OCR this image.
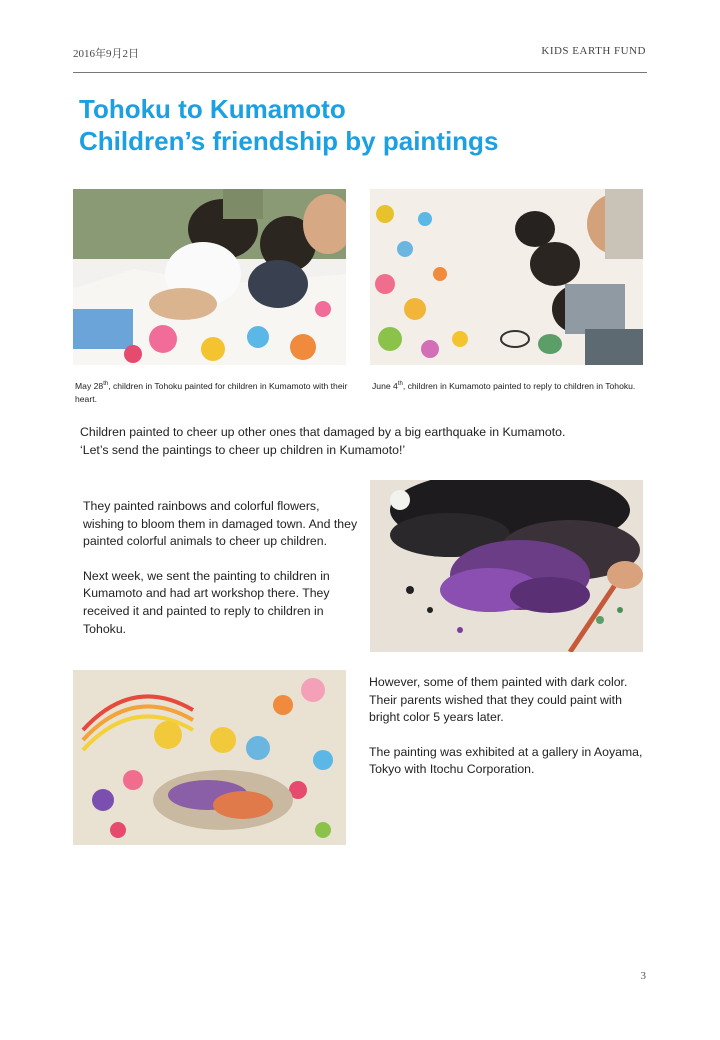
2016年9月2日	KIDS EARTH FUND
Tohoku to Kumamoto
Children’s friendship by paintings
May 28th, children in Tohoku painted for children in Kumamoto with their heart.
June 4th, children in Kumamoto painted to reply to children in Tohoku.
Children painted to cheer up other ones that damaged by a big earthquake in Kumamoto.
‘Let’s send the paintings to cheer up children in Kumamoto!’

They painted rainbows and colorful flowers, wishing to bloom them in damaged town. And they painted colorful animals to cheer up children.

Next week, we sent the painting to children in Kumamoto and had art workshop there. They received it and painted to reply to children in Tohoku.

However, some of them painted with dark color. Their parents wished that they could paint with bright color 5 years later.

The painting was exhibited at a gallery in Aoyama, Tokyo with Itochu Corporation.

3
